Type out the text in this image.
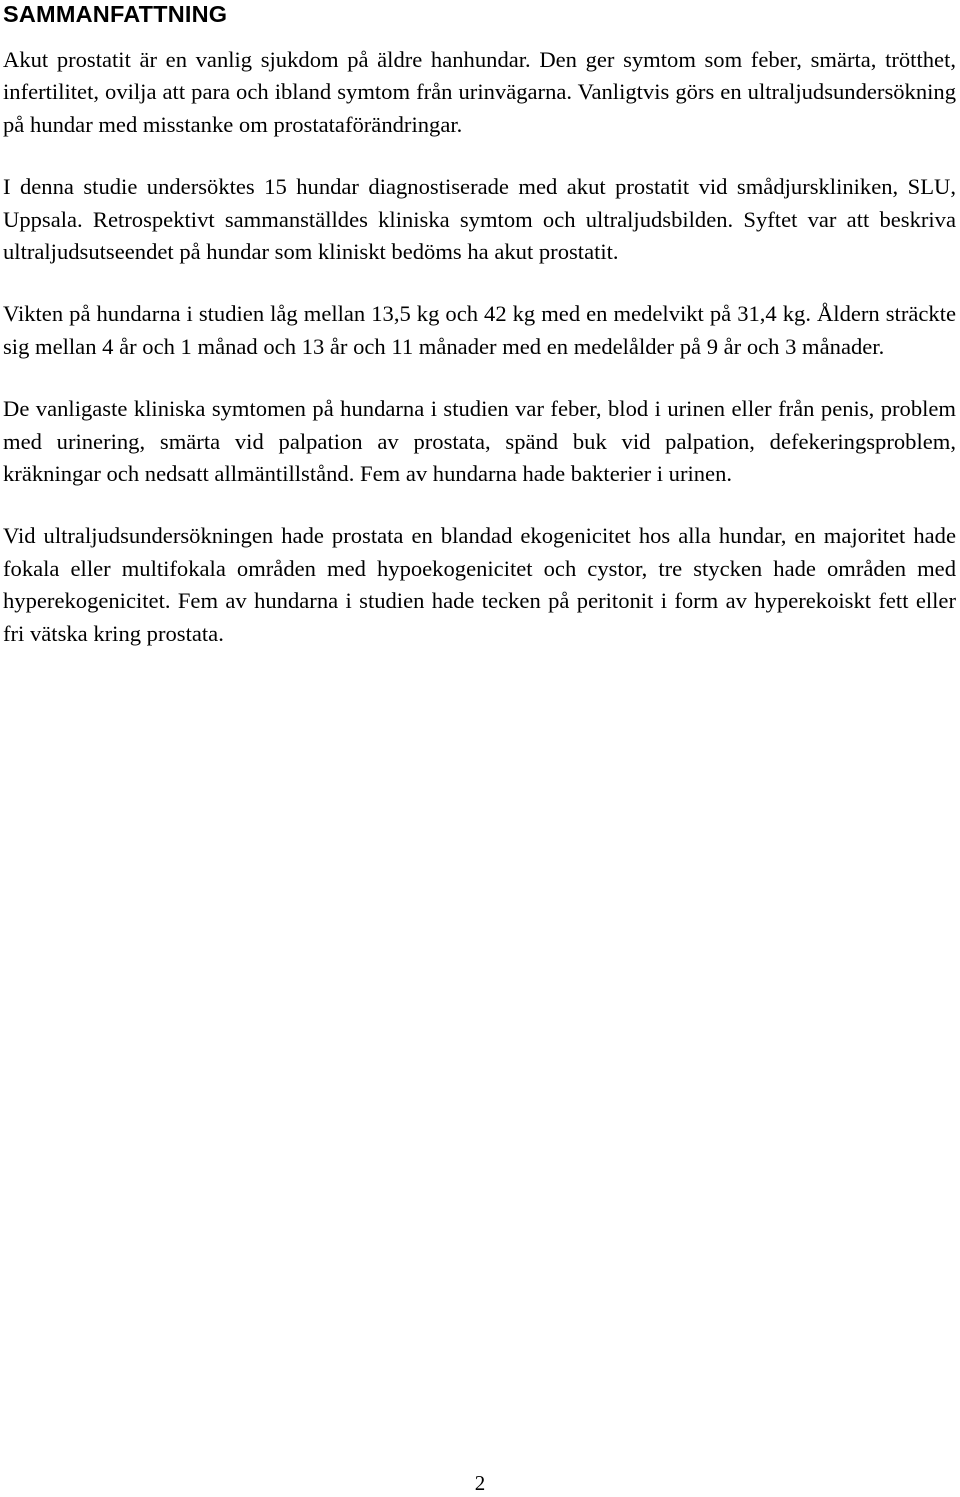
SAMMANFATTNING

Akut prostatit är en vanlig sjukdom på äldre hanhundar. Den ger symtom som feber, smärta, trötthet, infertilitet, ovilja att para och ibland symtom från urinvägarna. Vanligtvis görs en ultraljudsundersökning på hundar med misstanke om prostataförändringar.

I denna studie undersöktes 15 hundar diagnostiserade med akut prostatit vid smådjurskliniken, SLU, Uppsala. Retrospektivt sammanställdes kliniska symtom och ultraljudsbilden. Syftet var att beskriva ultraljudsutseendet på hundar som kliniskt bedöms ha akut prostatit.

Vikten på hundarna i studien låg mellan 13,5 kg och 42 kg med en medelvikt på 31,4 kg. Åldern sträckte sig mellan 4 år och 1 månad och 13 år och 11 månader med en medelålder på 9 år och 3 månader.

De vanligaste kliniska symtomen på hundarna i studien var feber, blod i urinen eller från penis, problem med urinering, smärta vid palpation av prostata, spänd buk vid palpation, defekeringsproblem, kräkningar och nedsatt allmäntillstånd. Fem av hundarna hade bakterier i urinen.

Vid ultraljudsundersökningen hade prostata en blandad ekogenicitet hos alla hundar, en majoritet hade fokala eller multifokala områden med hypoekogenicitet och cystor, tre stycken hade områden med hyperekogenicitet. Fem av hundarna i studien hade tecken på peritonit i form av hyperekoiskt fett eller fri vätska kring prostata.

2
